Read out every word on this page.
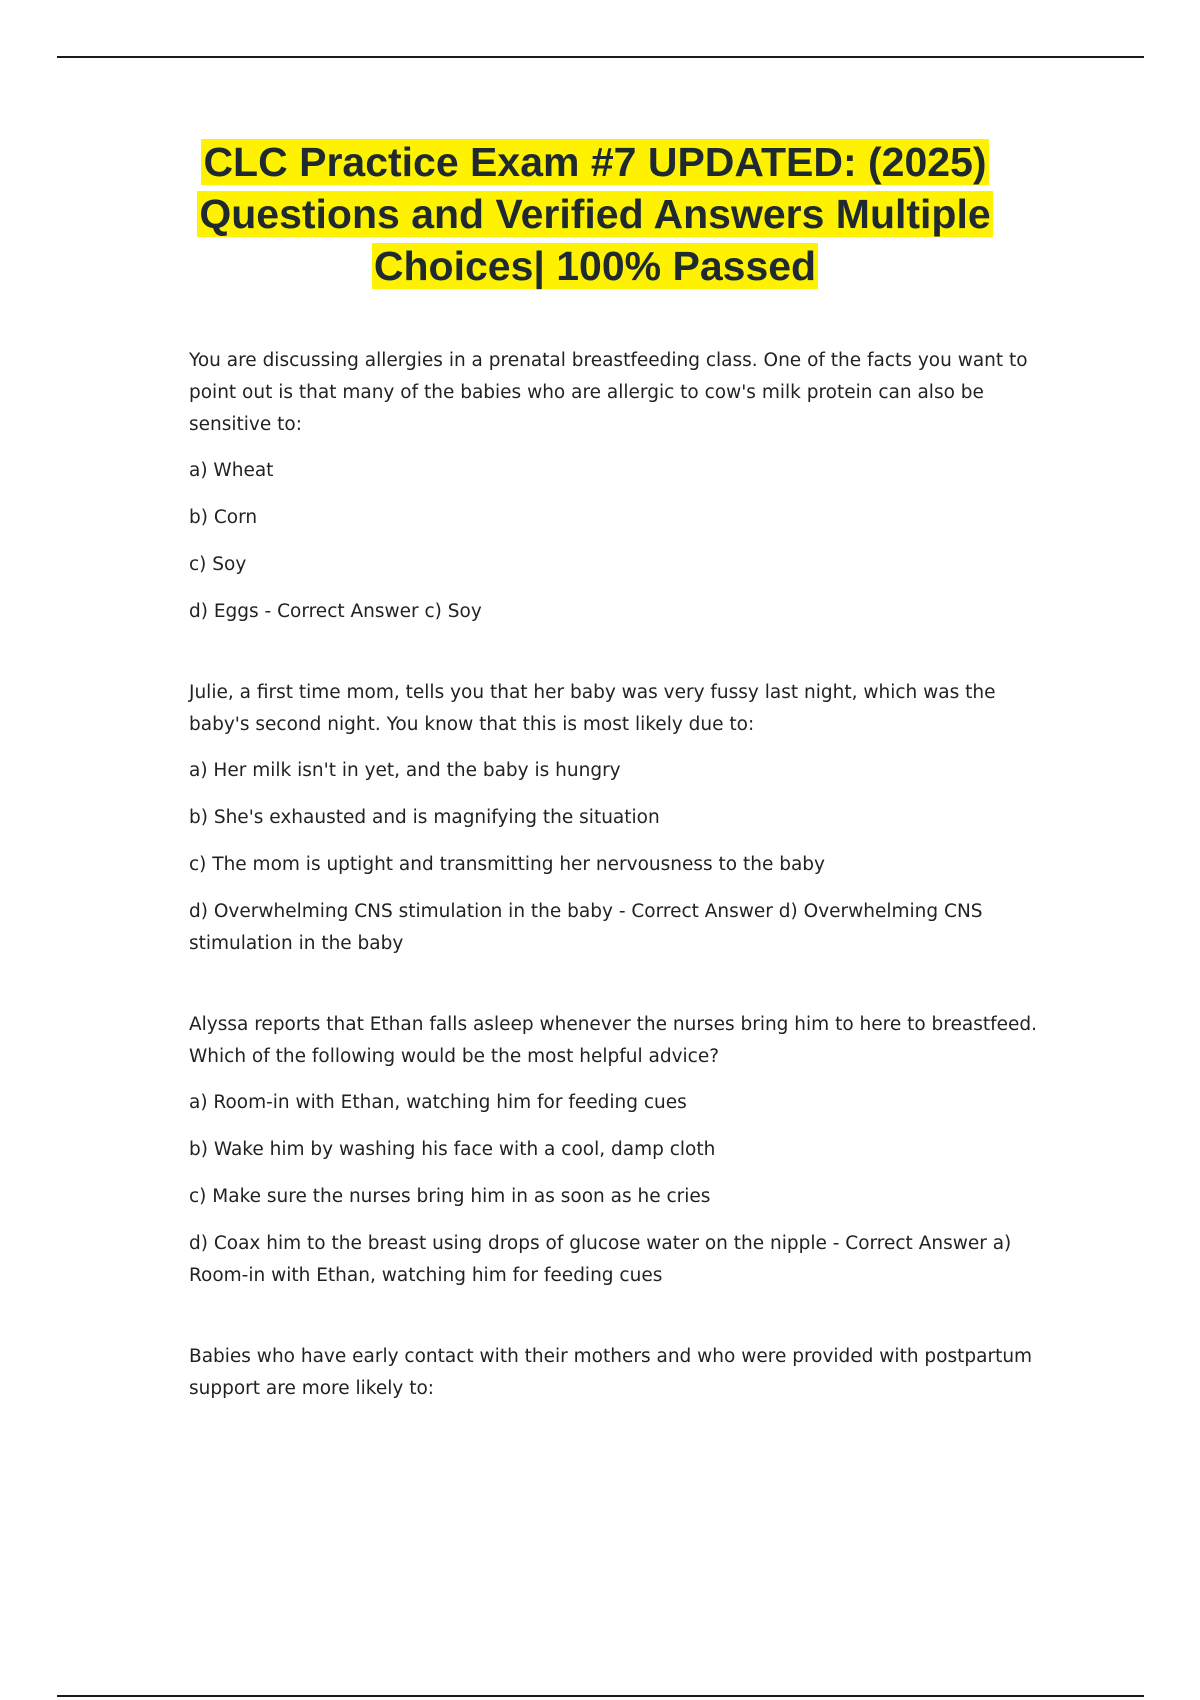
CLC Practice Exam #7 UPDATED: (2025) Questions and Verified Answers Multiple Choices| 100% Passed

You are discussing allergies in a prenatal breastfeeding class. One of the facts you want to point out is that many of the babies who are allergic to cow's milk protein can also be sensitive to:

a) Wheat

b) Corn

c) Soy

d) Eggs - Correct Answer c) Soy

Julie, a first time mom, tells you that her baby was very fussy last night, which was the baby's second night. You know that this is most likely due to:

a) Her milk isn't in yet, and the baby is hungry

b) She's exhausted and is magnifying the situation

c) The mom is uptight and transmitting her nervousness to the baby

d) Overwhelming CNS stimulation in the baby - Correct Answer d) Overwhelming CNS stimulation in the baby

Alyssa reports that Ethan falls asleep whenever the nurses bring him to here to breastfeed. Which of the following would be the most helpful advice?

a) Room-in with Ethan, watching him for feeding cues

b) Wake him by washing his face with a cool, damp cloth

c) Make sure the nurses bring him in as soon as he cries

d) Coax him to the breast using drops of glucose water on the nipple - Correct Answer a) Room-in with Ethan, watching him for feeding cues

Babies who have early contact with their mothers and who were provided with postpartum support are more likely to:
